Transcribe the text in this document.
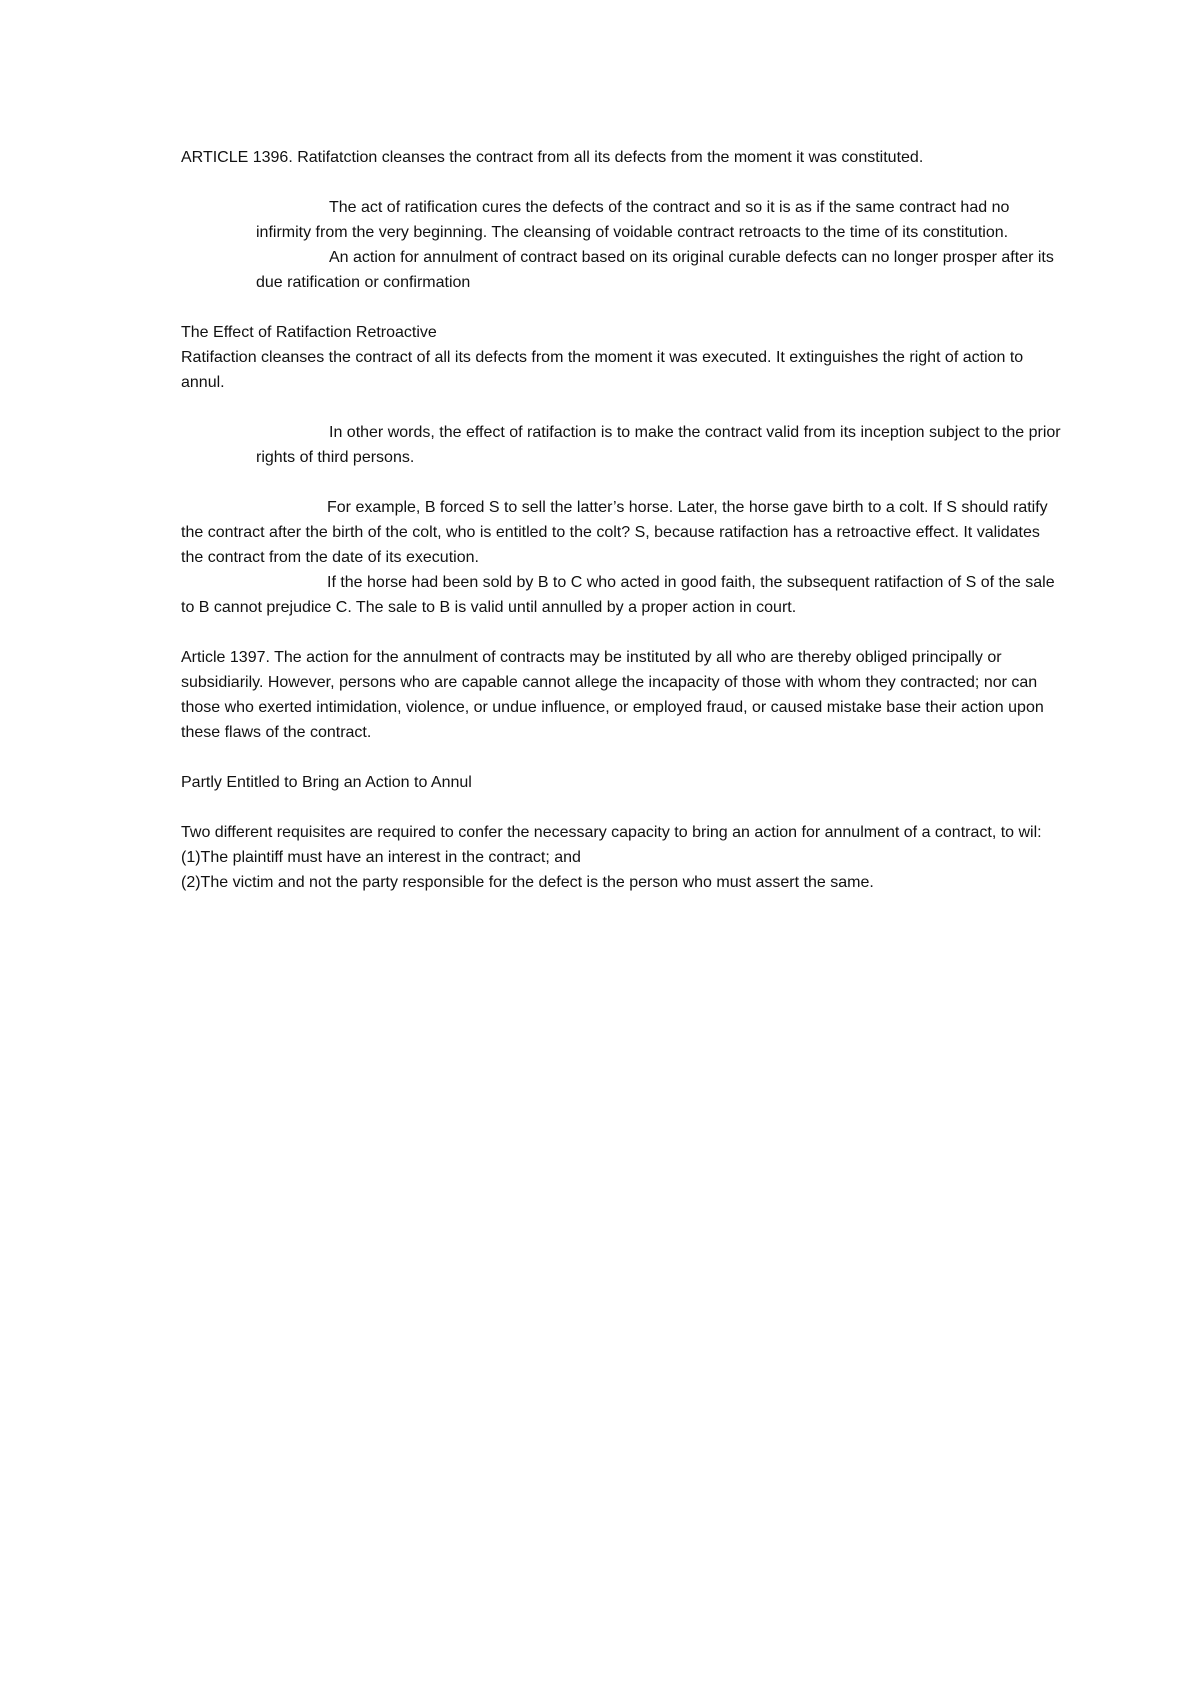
ARTICLE 1396. Ratifatction cleanses the contract from all its defects from the moment it was constituted.

The act of ratification cures the defects of the contract and so it is as if the same contract had no infirmity from the very beginning. The cleansing of voidable contract retroacts to the time of its constitution.

An action for annulment of contract based on its original curable defects can no longer prosper after its due ratification or confirmation

The Effect of Ratifaction Retroactive

Ratifaction cleanses the contract of all its defects from the moment it was executed. It extinguishes the right of action to annul.

In other words, the effect of ratifaction is to make the contract valid from its inception subject to the prior rights of third persons.

For example, B forced S to sell the latter’s horse. Later, the horse gave birth to a colt. If S should ratify the contract after the birth of the colt, who is entitled to the colt? S, because ratifaction has a retroactive effect. It validates the contract from the date of its execution.

If the horse had been sold by B to C who acted in good faith, the subsequent ratifaction of S of the sale to B cannot prejudice C. The sale to B is valid until annulled by a proper action in court.

Article 1397. The action for the annulment of contracts may be instituted by all who are thereby obliged principally or subsidiarily. However, persons who are capable cannot allege the incapacity of those with whom they contracted; nor can those who exerted intimidation, violence, or undue influence, or employed fraud, or caused mistake base their action upon these flaws of the contract.

Partly Entitled to Bring an Action to Annul

Two different requisites are required to confer the necessary capacity to bring an action for annulment of a contract, to wil:

(1)The plaintiff must have an interest in the contract; and

(2)The victim and not the party responsible for the defect is the person who must assert the same.
